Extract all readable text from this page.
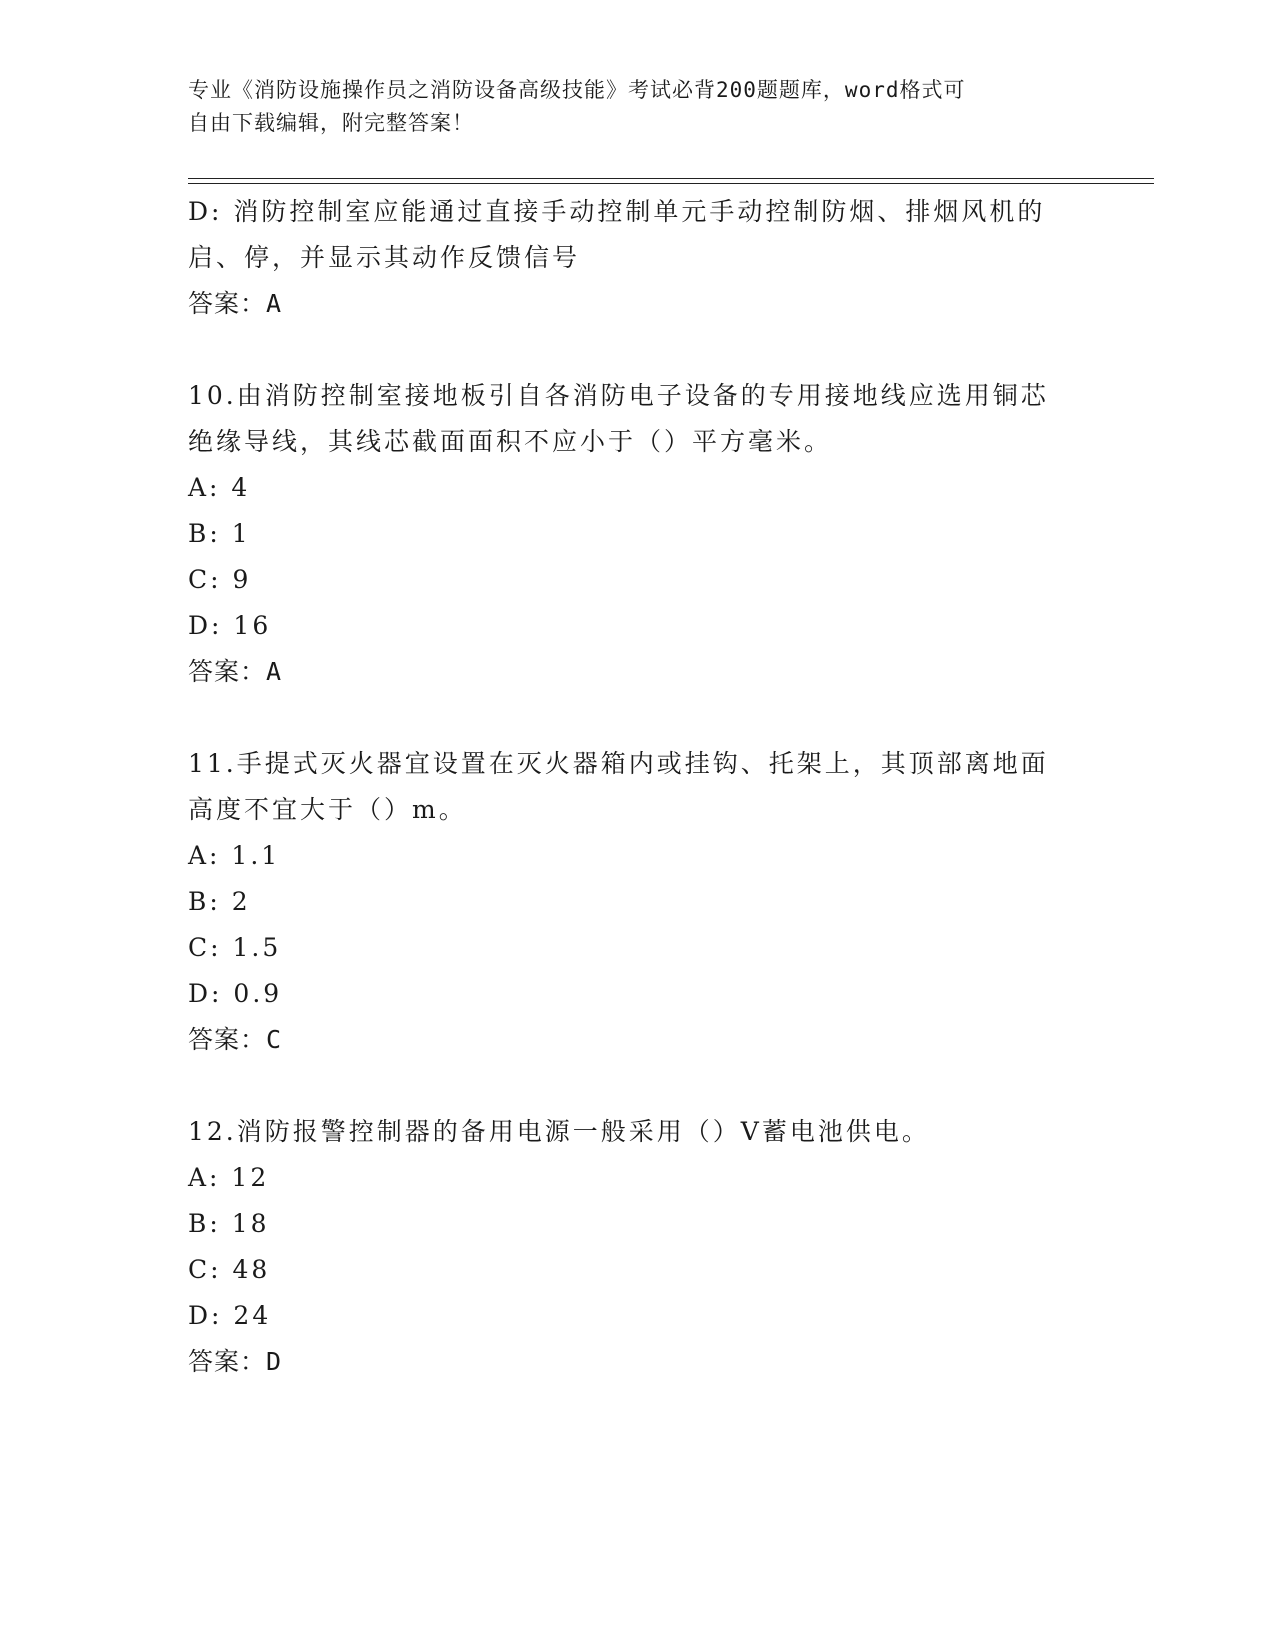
专业《消防设施操作员之消防设备高级技能》考试必背200题题库，word格式可
自由下载编辑，附完整答案！
D: 消防控制室应能通过直接手动控制单元手动控制防烟、排烟风机的
启、停，并显示其动作反馈信号
答案：A
10.由消防控制室接地板引自各消防电子设备的专用接地线应选用铜芯
绝缘导线，其线芯截面面积不应小于（）平方毫米。
A: 4
B: 1
C: 9
D: 16
答案：A
11.手提式灭火器宜设置在灭火器箱内或挂钩、托架上，其顶部离地面
高度不宜大于（）m。
A: 1.1
B: 2
C: 1.5
D: 0.9
答案：C
12.消防报警控制器的备用电源一般采用（）V蓄电池供电。
A: 12
B: 18
C: 48
D: 24
答案：D
